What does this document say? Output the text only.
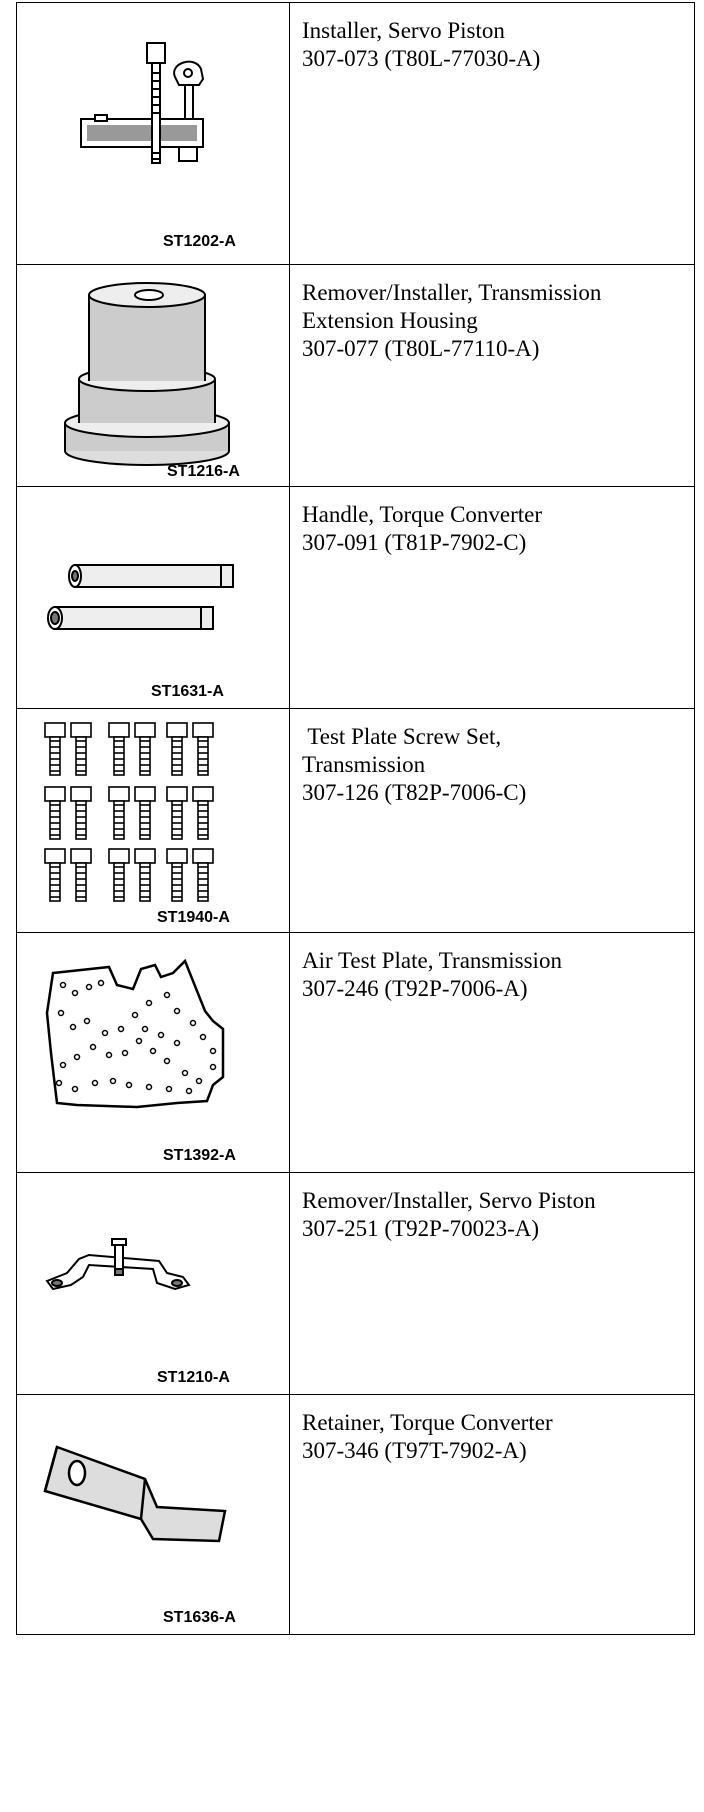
ST1202-A	Installer, Servo Piston
307-073 (T80L-77030-A)

ST1216-A	Remover/Installer, Transmission
Extension Housing
307-077 (T80L-77110-A)

ST1631-A	Handle, Torque Converter
307-091 (T81P-7902-C)

ST1940-A	Test Plate Screw Set,
Transmission
307-126 (T82P-7006-C)

ST1392-A	Air Test Plate, Transmission
307-246 (T92P-7006-A)

ST1210-A	Remover/Installer, Servo Piston
307-251 (T92P-70023-A)

ST1636-A	Retainer, Torque Converter
307-346 (T97T-7902-A)
